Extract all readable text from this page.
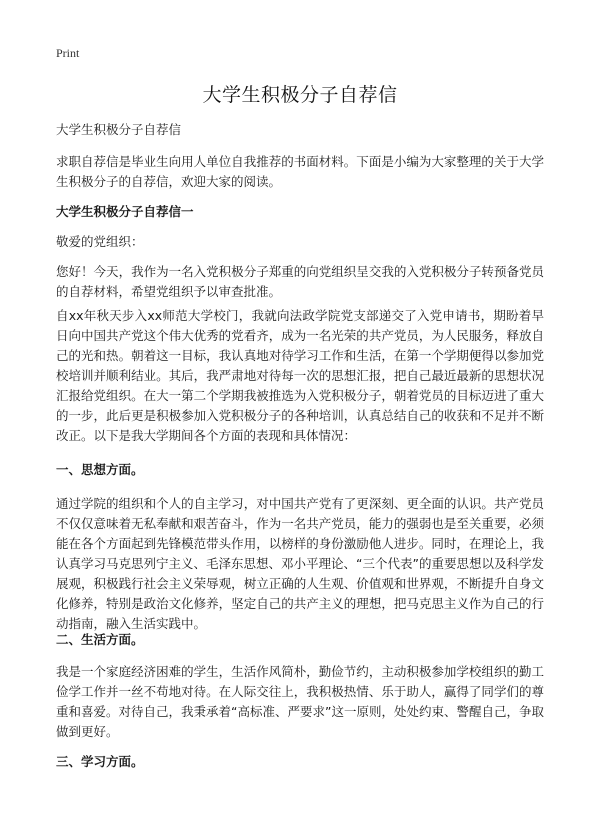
Print
大学生积极分子自荐信

大学生积极分子自荐信

求职自荐信是毕业生向用人单位自我推荐的书面材料。下面是小编为大家整理的关于大学生积极分子的自荐信，欢迎大家的阅读。

大学生积极分子自荐信一

敬爱的党组织：

您好！今天，我作为一名入党积极分子郑重的向党组织呈交我的入党积极分子转预备党员的自荐材料，希望党组织予以审查批准。

自xx年秋天步入xx师范大学校门，我就向法政学院党支部递交了入党申请书，期盼着早日向中国共产党这个伟大优秀的党看齐，成为一名光荣的共产党员，为人民服务，释放自己的光和热。朝着这一目标，我认真地对待学习工作和生活，在第一个学期便得以参加党校培训并顺利结业。其后，我严肃地对待每一次的思想汇报，把自己最近最新的思想状况汇报给党组织。在大一第二个学期我被推选为入党积极分子，朝着党员的目标迈进了重大的一步，此后更是积极参加入党积极分子的各种培训，认真总结自己的收获和不足并不断改正。以下是我大学期间各个方面的表现和具体情况：

一、思想方面。

通过学院的组织和个人的自主学习，对中国共产党有了更深刻、更全面的认识。共产党员不仅仅意味着无私奉献和艰苦奋斗，作为一名共产党员，能力的强弱也是至关重要，必须能在各个方面起到先锋模范带头作用，以榜样的身份激励他人进步。同时，在理论上，我认真学习马克思列宁主义、毛泽东思想、邓小平理论、“三个代表”的重要思想以及科学发展观，积极践行社会主义荣辱观，树立正确的人生观、价值观和世界观，不断提升自身文化修养，特别是政治文化修养，坚定自己的共产主义的理想，把马克思主义作为自己的行动指南，融入生活实践中。

二、生活方面。

我是一个家庭经济困难的学生，生活作风简朴，勤俭节约，主动积极参加学校组织的勤工俭学工作并一丝不苟地对待。在人际交往上，我积极热情、乐于助人，赢得了同学们的尊重和喜爱。对待自己，我秉承着“高标准、严要求”这一原则，处处约束、警醒自己，争取做到更好。

三、学习方面。
